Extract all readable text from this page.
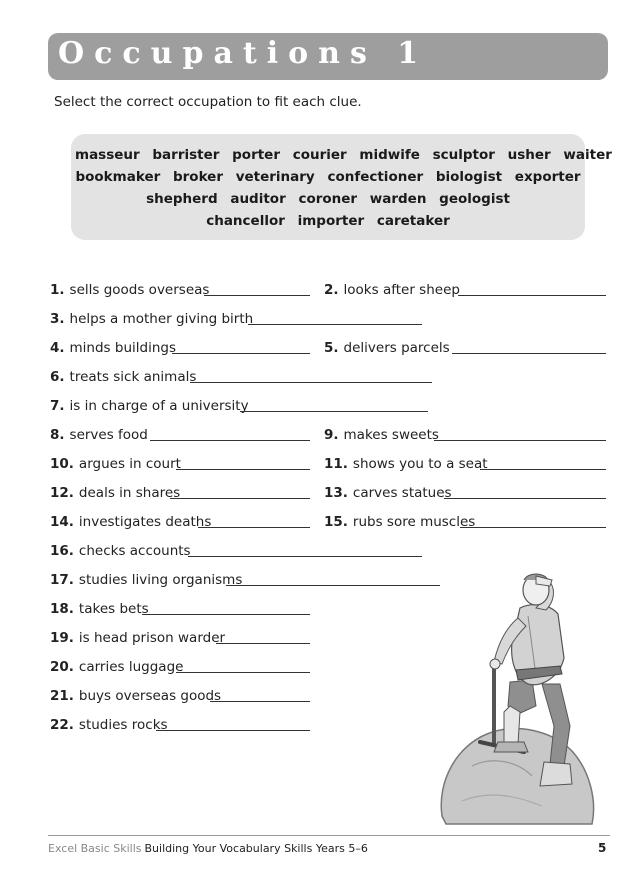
Occupations 1
Select the correct occupation to fit each clue.
masseur barrister porter courier midwife sculptor usher waiter
bookmaker broker veterinary confectioner biologist exporter
shepherd auditor coroner warden geologist
chancellor importer caretaker
1. sells goods overseas	2. looks after sheep
3. helps a mother giving birth
4. minds buildings	5. delivers parcels
6. treats sick animals
7. is in charge of a university
8. serves food	9. makes sweets
10. argues in court	11. shows you to a seat
12. deals in shares	13. carves statues
14. investigates deaths	15. rubs sore muscles
16. checks accounts
17. studies living organisms
18. takes bets
19. is head prison warder
20. carries luggage
21. buys overseas goods
22. studies rocks
Excel Basic Skills Building Your Vocabulary Skills Years 5–6	5
